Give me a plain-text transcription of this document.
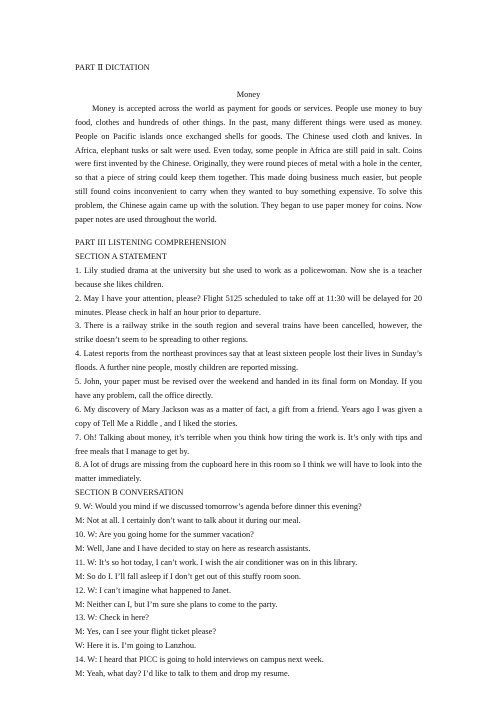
PART Ⅱ DICTATION
Money

Money is accepted across the world as payment for goods or services. People use money to buy food, clothes and hundreds of other things. In the past, many different things were used as money. People on Pacific islands once exchanged shells for goods. The Chinese used cloth and knives. In Africa, elephant tusks or salt were used. Even today, some people in Africa are still paid in salt. Coins were first invented by the Chinese. Originally, they were round pieces of metal with a hole in the center, so that a piece of string could keep them together. This made doing business much easier, but people still found coins inconvenient to carry when they wanted to buy something expensive. To solve this problem, the Chinese again came up with the solution. They began to use paper money for coins. Now paper notes are used throughout the world.

PART III LISTENING COMPREHENSION
SECTION A STATEMENT

1. Lily studied drama at the university but she used to work as a policewoman. Now she is a teacher because she likes children.

2. May I have your attention, please? Flight 5125 scheduled to take off at 11:30 will be delayed for 20 minutes. Please check in half an hour prior to departure.

3. There is a railway strike in the south region and several trains have been cancelled, however, the strike doesn’t seem to be spreading to other regions.

4. Latest reports from the northeast provinces say that at least sixteen people lost their lives in Sunday’s floods. A further nine people, mostly children are reported missing.

5. John, your paper must be revised over the weekend and handed in its final form on Monday. If you have any problem, call the office directly.

6. My discovery of Mary Jackson was as a matter of fact, a gift from a friend. Years ago I was given a copy of Tell Me a Riddle , and I liked the stories.

7. Oh! Talking about money, it’s terrible when you think how tiring the work is. It’s only with tips and free meals that I manage to get by.

8. A lot of drugs are missing from the cupboard here in this room so I think we will have to look into the matter immediately.

SECTION B CONVERSATION
9. W: Would you mind if we discussed tomorrow’s agenda before dinner this evening?
M: Not at all. I certainly don’t want to talk about it during our meal.
10. W: Are you going home for the summer vacation?
M: Well, Jane and I have decided to stay on here as research assistants.
11. W: It’s so hot today, I can’t work. I wish the air conditioner was on in this library.
M: So do I. I’ll fall asleep if I don’t get out of this stuffy room soon.
12. W: I can’t imagine what happened to Janet.
M: Neither can I, but I’m sure she plans to come to the party.
13. W: Check in here?
M: Yes, can I see your flight ticket please?
W: Here it is. I’m going to Lanzhou.
14. W: I heard that PICC is going to hold interviews on campus next week.
M: Yeah, what day? I’d like to talk to them and drop my resume.
